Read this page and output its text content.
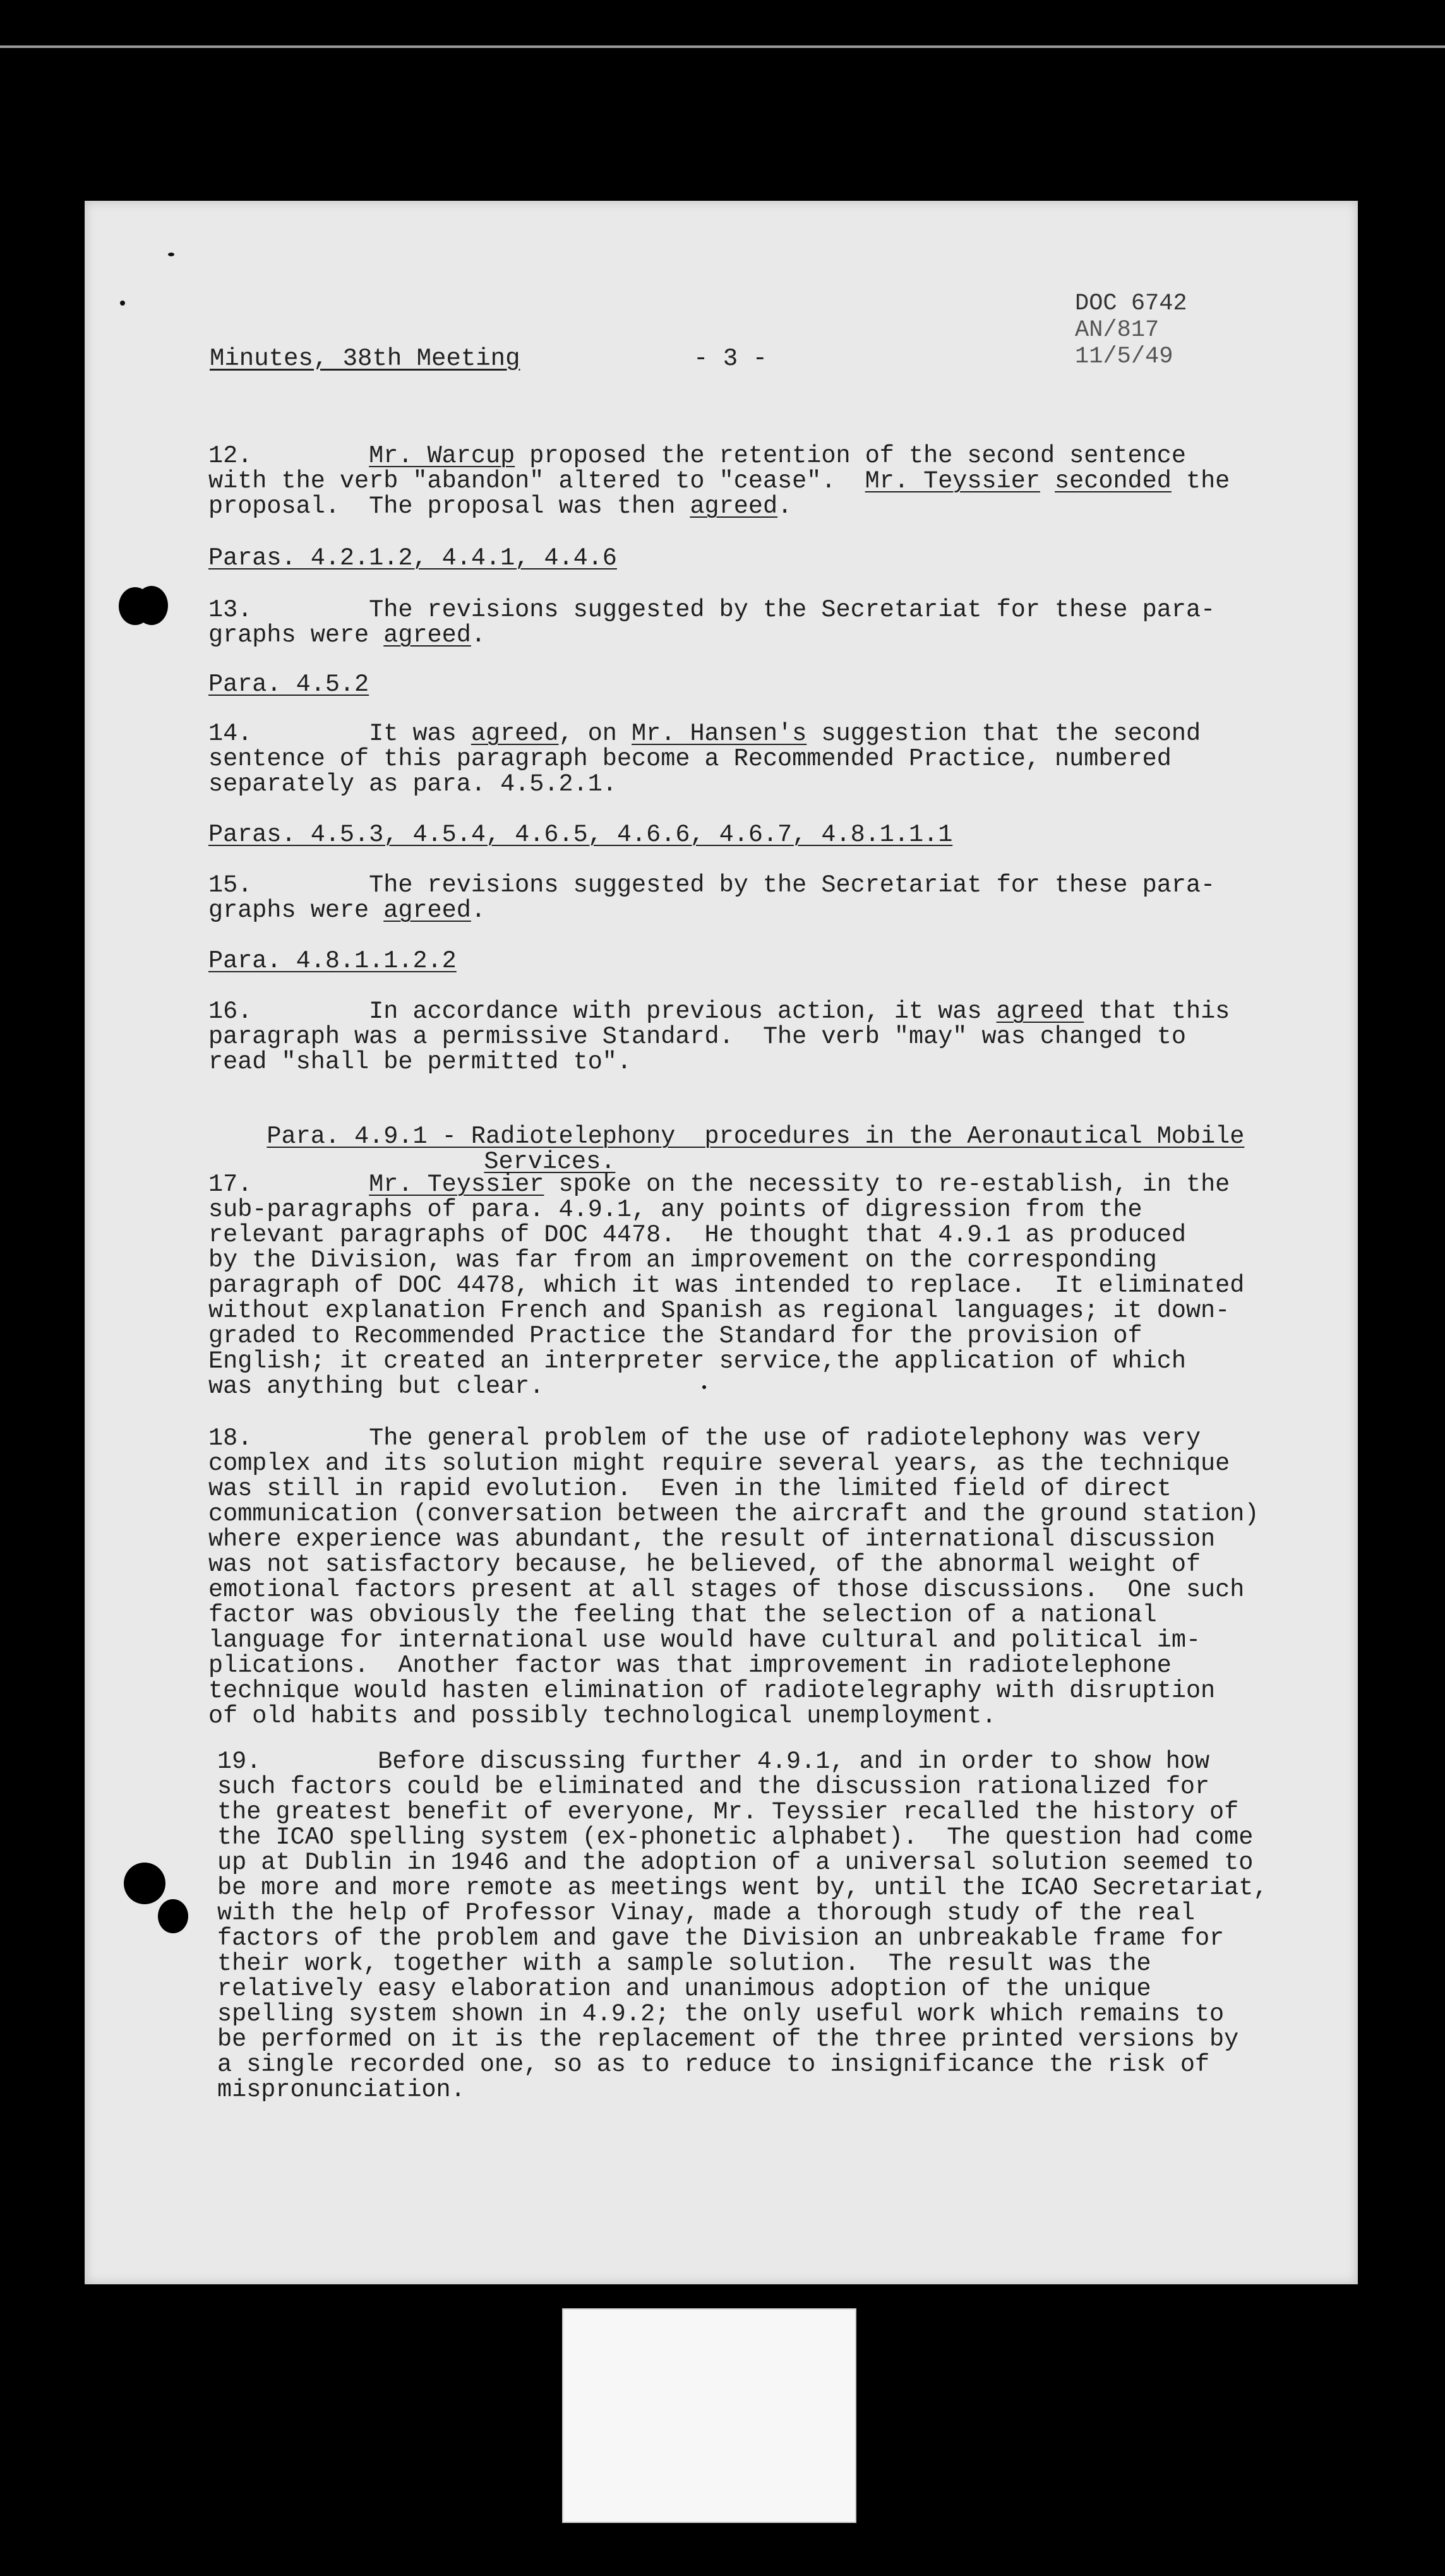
DOC 6742
AN/817
11/5/49
Minutes, 38th Meeting	- 3 -

12.        Mr. Warcup proposed the retention of the second sentence

with the verb "abandon" altered to "cease".  Mr. Teyssier seconded the

proposal.  The proposal was then agreed.

Paras. 4.2.1.2, 4.4.1, 4.4.6

13.        The revisions suggested by the Secretariat for these para-

graphs were agreed.

Para. 4.5.2

14.        It was agreed, on Mr. Hansen's suggestion that the second

sentence of this paragraph become a Recommended Practice, numbered

separately as para. 4.5.2.1.

Paras. 4.5.3, 4.5.4, 4.6.5, 4.6.6, 4.6.7, 4.8.1.1.1

15.        The revisions suggested by the Secretariat for these para-

graphs were agreed.

Para. 4.8.1.1.2.2

16.        In accordance with previous action, it was agreed that this

paragraph was a permissive Standard.  The verb "may" was changed to

read "shall be permitted to".

Para. 4.9.1 - Radiotelephony  procedures in the Aeronautical Mobile

Services.

17.        Mr. Teyssier spoke on the necessity to re-establish, in the

sub-paragraphs of para. 4.9.1, any points of digression from the

relevant paragraphs of DOC 4478.  He thought that 4.9.1 as produced

by the Division, was far from an improvement on the corresponding

paragraph of DOC 4478, which it was intended to replace.  It eliminated

without explanation French and Spanish as regional languages; it down-

graded to Recommended Practice the Standard for the provision of

English; it created an interpreter service,the application of which

was anything but clear.

18.        The general problem of the use of radiotelephony was very

complex and its solution might require several years, as the technique

was still in rapid evolution.  Even in the limited field of direct

communication (conversation between the aircraft and the ground station)

where experience was abundant, the result of international discussion

was not satisfactory because, he believed, of the abnormal weight of

emotional factors present at all stages of those discussions.  One such

factor was obviously the feeling that the selection of a national

language for international use would have cultural and political im-

plications.  Another factor was that improvement in radiotelephone

technique would hasten elimination of radiotelegraphy with disruption

of old habits and possibly technological unemployment.

19.        Before discussing further 4.9.1, and in order to show how

such factors could be eliminated and the discussion rationalized for

the greatest benefit of everyone, Mr. Teyssier recalled the history of

the ICAO spelling system (ex-phonetic alphabet).  The question had come

up at Dublin in 1946 and the adoption of a universal solution seemed to

be more and more remote as meetings went by, until the ICAO Secretariat,

with the help of Professor Vinay, made a thorough study of the real

factors of the problem and gave the Division an unbreakable frame for

their work, together with a sample solution.  The result was the

relatively easy elaboration and unanimous adoption of the unique

spelling system shown in 4.9.2; the only useful work which remains to

be performed on it is the replacement of the three printed versions by

a single recorded one, so as to reduce to insignificance the risk of

mispronunciation.
